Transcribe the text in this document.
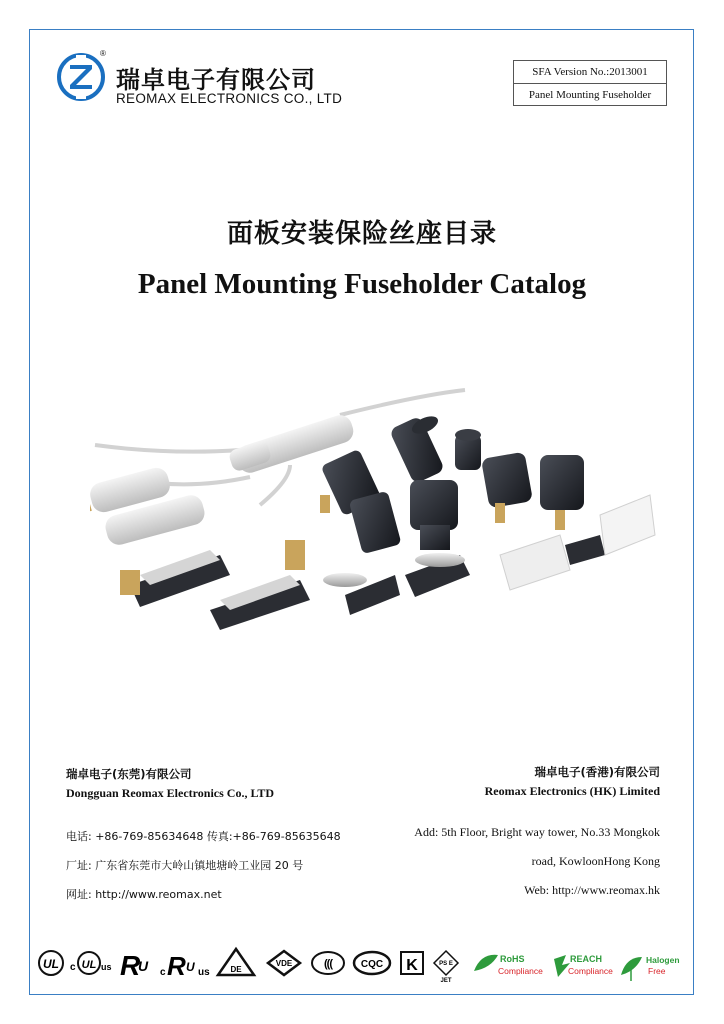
®
瑞卓电子有限公司
REOMAX ELECTRONICS CO., LTD
SFA Version No.:2013001
Panel Mounting Fuseholder
面板安装保险丝座目录
Panel Mounting Fuseholder Catalog
瑞卓电子(东莞)有限公司
Dongguan Reomax Electronics Co., LTD
电话: +86-769-85634648 传真:+86-769-85635648
厂址: 广东省东莞市大岭山镇地塘岭工业园 20 号
网址: http://www.reomax.net
瑞卓电子(香港)有限公司
Reomax Electronics (HK) Limited
Add: 5th Floor, Bright way tower, No.33 Mongkok
road, KowloonHong Kong
Web: http://www.reomax.hk
UL c UL us R
U c R U us	DE
VDE	(((	CQC K	PS E
JET
RoHS
Compliance
REACH
Compliance
Halogen
Free
